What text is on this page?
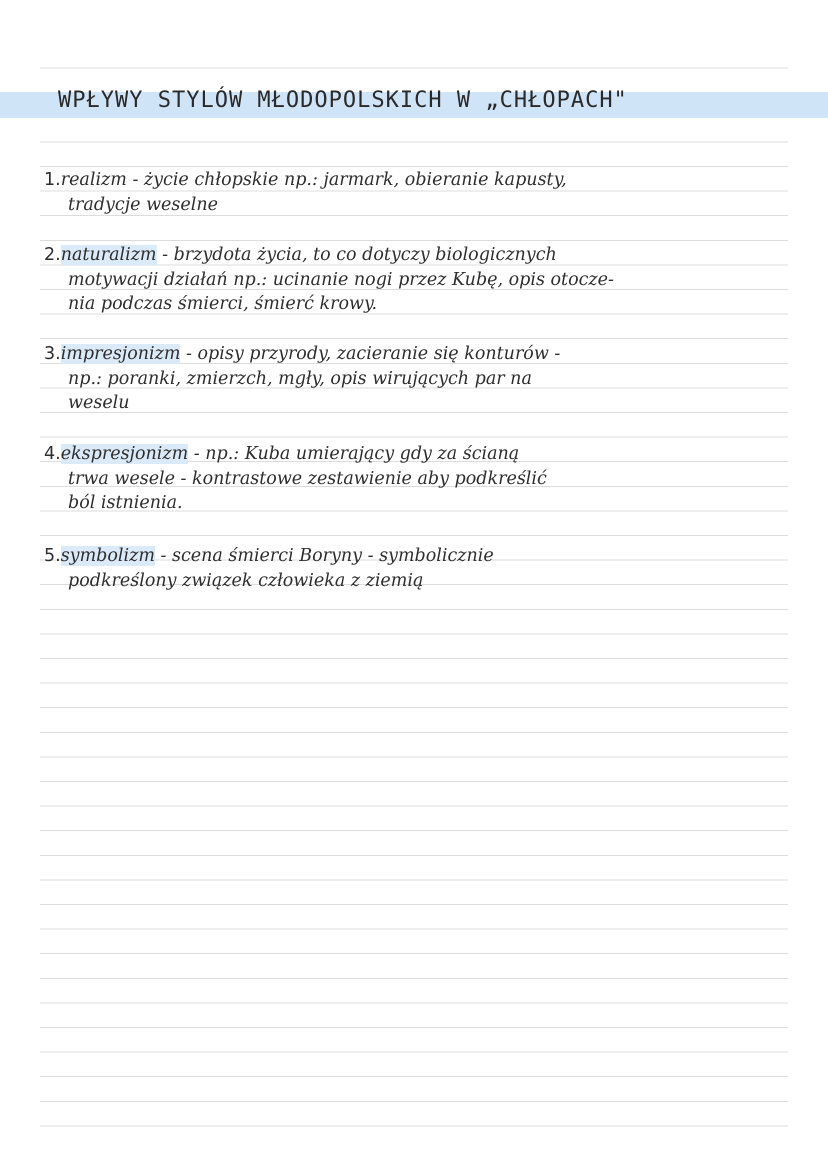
WPŁYWY STYLÓW MŁODOPOLSKICH W „CHŁOPACH"
1.realizm - życie chłopskie np.: jarmark, obieranie kapusty,
tradycje weselne
2.naturalizm - brzydota życia, to co dotyczy biologicznych
motywacji działań np.: ucinanie nogi przez Kubę, opis otocze-
nia podczas śmierci, śmierć krowy.
3.impresjonizm - opisy przyrody, zacieranie się konturów -
np.: poranki, zmierzch, mgły, opis wirujących par na
weselu
4.ekspresjonizm - np.: Kuba umierający gdy za ścianą
trwa wesele - kontrastowe zestawienie aby podkreślić
ból istnienia.
5.symbolizm - scena śmierci Boryny - symbolicznie
podkreślony związek człowieka z ziemią
